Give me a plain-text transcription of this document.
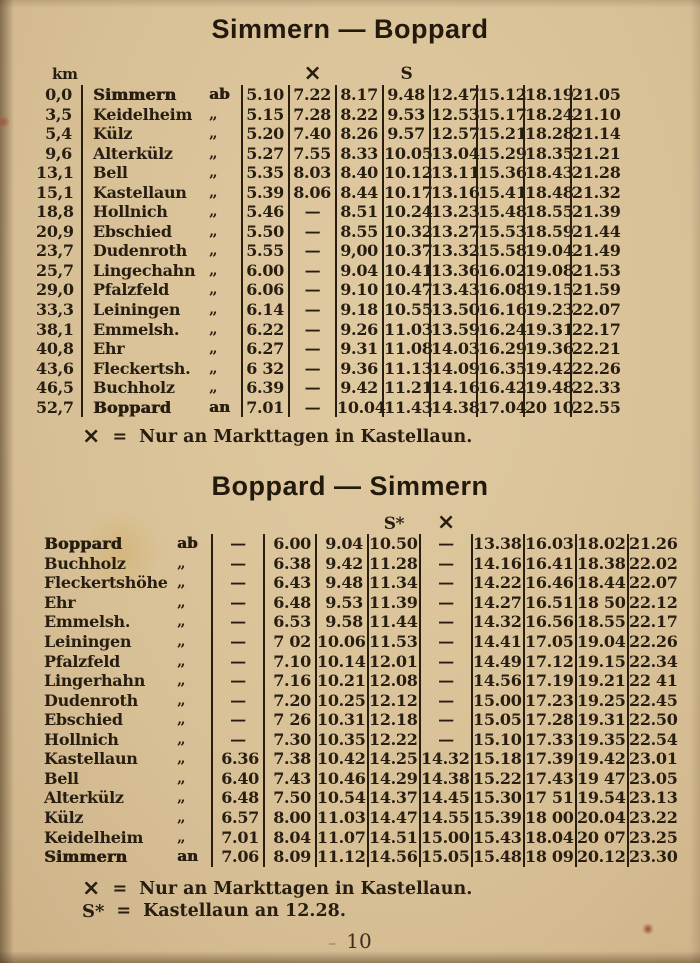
Simmern — Boppard
km				×		S				
0,0	Simmern	ab	5.10	7.22	8.17	9.48	12.47	15.12	18.19	21.05
3,5	Keidelheim	„	5.15	7.28	8.22	9.53	12.53	15.17	18.24	21.10
5,4	Külz	„	5.20	7.40	8.26	9.57	12.57	15.21	18.28	21.14
9,6	Alterkülz	„	5.27	7.55	8.33	10.05	13.04	15.29	18.35	21.21
13,1	Bell	„	5.35	8.03	8.40	10.12	13.11	15.36	18.43	21.28
15,1	Kastellaun	„	5.39	8.06	8.44	10.17	13.16	15.41	18.48	21.32
18,8	Hollnich	„	5.46	—	8.51	10.24	13.23	15.48	18.55	21.39
20,9	Ebschied	„	5.50	—	8.55	10.32	13.27	15.53	18.59	21.44
23,7	Dudenroth	„	5.55	—	9,00	10.37	13.32	15.58	19.04	21.49
25,7	Lingechahn	„	6.00	—	9.04	10.41	13.36	16.02	19.08	21.53
29,0	Pfalzfeld	„	6.06	—	9.10	10.47	13.43	16.08	19.15	21.59
33,3	Leiningen	„	6.14	—	9.18	10.55	13.50	16.16	19.23	22.07
38,1	Emmelsh.	„	6.22	—	9.26	11.03	13.59	16.24	19.31	22.17
40,8	Ehr	„	6.27	—	9.31	11.08	14.03	16.29	19.36	22.21
43,6	Fleckertsh.	„	6 32	—	9.36	11.13	14.09	16.35	19.42	22.26
46,5	Buchholz	„	6.39	—	9.42	11.21	14.16	16.42	19.48	22.33
52,7	Boppard	an	7.01	—	10.04	11.43	14.38	17.04	20 10	22.55
× = Nur an Markttagen in Kastellaun.
Boppard — Simmern
					S*	×				
Boppard	ab	—	6.00	9.04	10.50	—	13.38	16.03	18.02	21.26
Buchholz	„	—	6.38	9.42	11.28	—	14.16	16.41	18.38	22.02
Fleckertshöhe	„	—	6.43	9.48	11.34	—	14.22	16.46	18.44	22.07
Ehr	„	—	6.48	9.53	11.39	—	14.27	16.51	18 50	22.12
Emmelsh.	„	—	6.53	9.58	11.44	—	14.32	16.56	18.55	22.17
Leiningen	„	—	7 02	10.06	11.53	—	14.41	17.05	19.04	22.26
Pfalzfeld	„	—	7.10	10.14	12.01	—	14.49	17.12	19.15	22.34
Lingerhahn	„	—	7.16	10.21	12.08	—	14.56	17.19	19.21	22 41
Dudenroth	„	—	7.20	10.25	12.12	—	15.00	17.23	19.25	22.45
Ebschied	„	—	7 26	10.31	12.18	—	15.05	17.28	19.31	22.50
Hollnich	„	—	7.30	10.35	12.22	—	15.10	17.33	19.35	22.54
Kastellaun	„	6.36	7.38	10.42	14.25	14.32	15.18	17.39	19.42	23.01
Bell	„	6.40	7.43	10.46	14.29	14.38	15.22	17.43	19 47	23.05
Alterkülz	„	6.48	7.50	10.54	14.37	14.45	15.30	17 51	19.54	23.13
Külz	„	6.57	8.00	11.03	14.47	14.55	15.39	18 00	20.04	23.22
Keidelheim	„	7.01	8.04	11.07	14.51	15.00	15.43	18.04	20 07	23.25
Simmern	an	7.06	8.09	11.12	14.56	15.05	15.48	18 09	20.12	23.30
× = Nur an Markttagen in Kastellaun.
S* = Kastellaun an 12.28.
– 10
